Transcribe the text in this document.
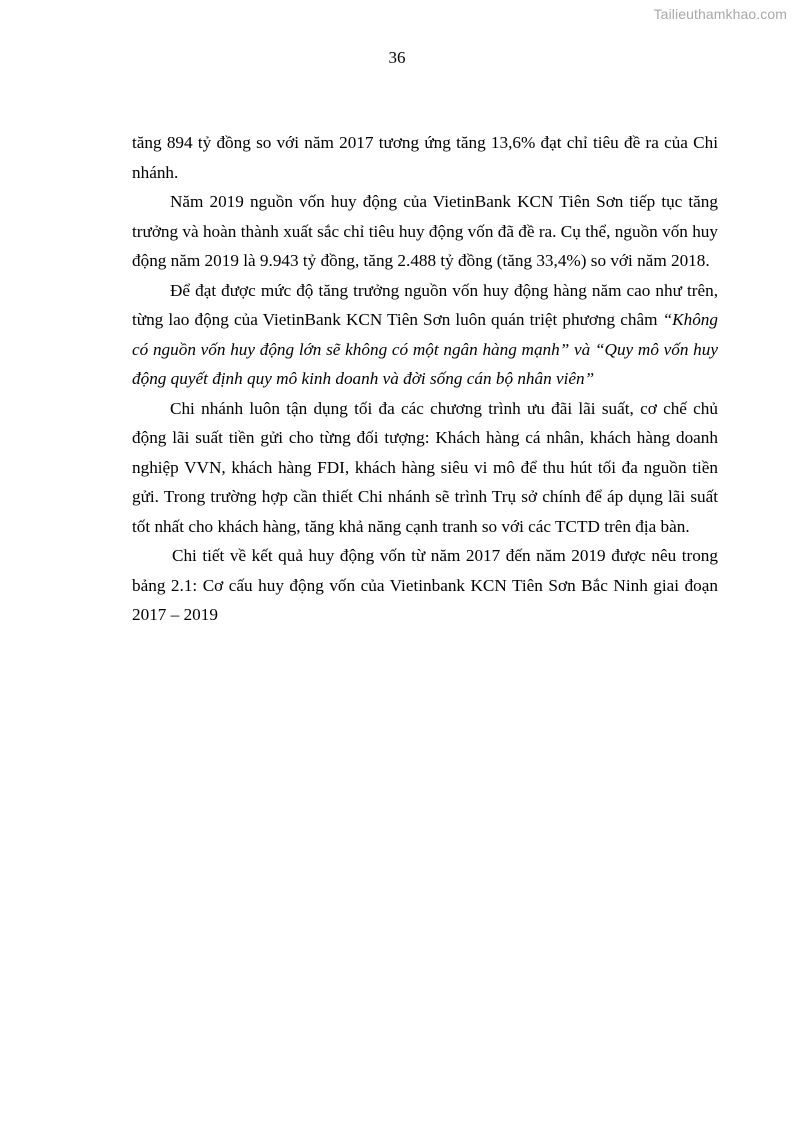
Tailieuthamkhao.com
36

tăng 894 tỷ đồng so với năm 2017 tương ứng tăng 13,6% đạt chỉ tiêu đề ra của Chi nhánh.

Năm 2019 nguồn vốn huy động của VietinBank KCN Tiên Sơn tiếp tục tăng trưởng và hoàn thành xuất sắc chỉ tiêu huy động vốn đã đề ra. Cụ thể, nguồn vốn huy động năm 2019 là 9.943 tỷ đồng, tăng 2.488 tỷ đồng (tăng 33,4%) so với năm 2018.

Để đạt được mức độ tăng trưởng nguồn vốn huy động hàng năm cao như trên, từng lao động của VietinBank KCN Tiên Sơn luôn quán triệt phương châm “Không có nguồn vốn huy động lớn sẽ không có một ngân hàng mạnh” và “Quy mô vốn huy động quyết định quy mô kinh doanh và đời sống cán bộ nhân viên”

Chi nhánh luôn tận dụng tối đa các chương trình ưu đãi lãi suất, cơ chế chủ động lãi suất tiền gửi cho từng đối tượng: Khách hàng cá nhân, khách hàng doanh nghiệp VVN, khách hàng FDI, khách hàng siêu vi mô để thu hút tối đa nguồn tiền gửi. Trong trường hợp cần thiết Chi nhánh sẽ trình Trụ sở chính để áp dụng lãi suất tốt nhất cho khách hàng, tăng khả năng cạnh tranh so với các TCTD trên địa bàn.

Chi tiết về kết quả huy động vốn từ năm 2017 đến năm 2019 được nêu trong bảng 2.1: Cơ cấu huy động vốn của Vietinbank KCN Tiên Sơn Bắc Ninh giai đoạn 2017 – 2019
